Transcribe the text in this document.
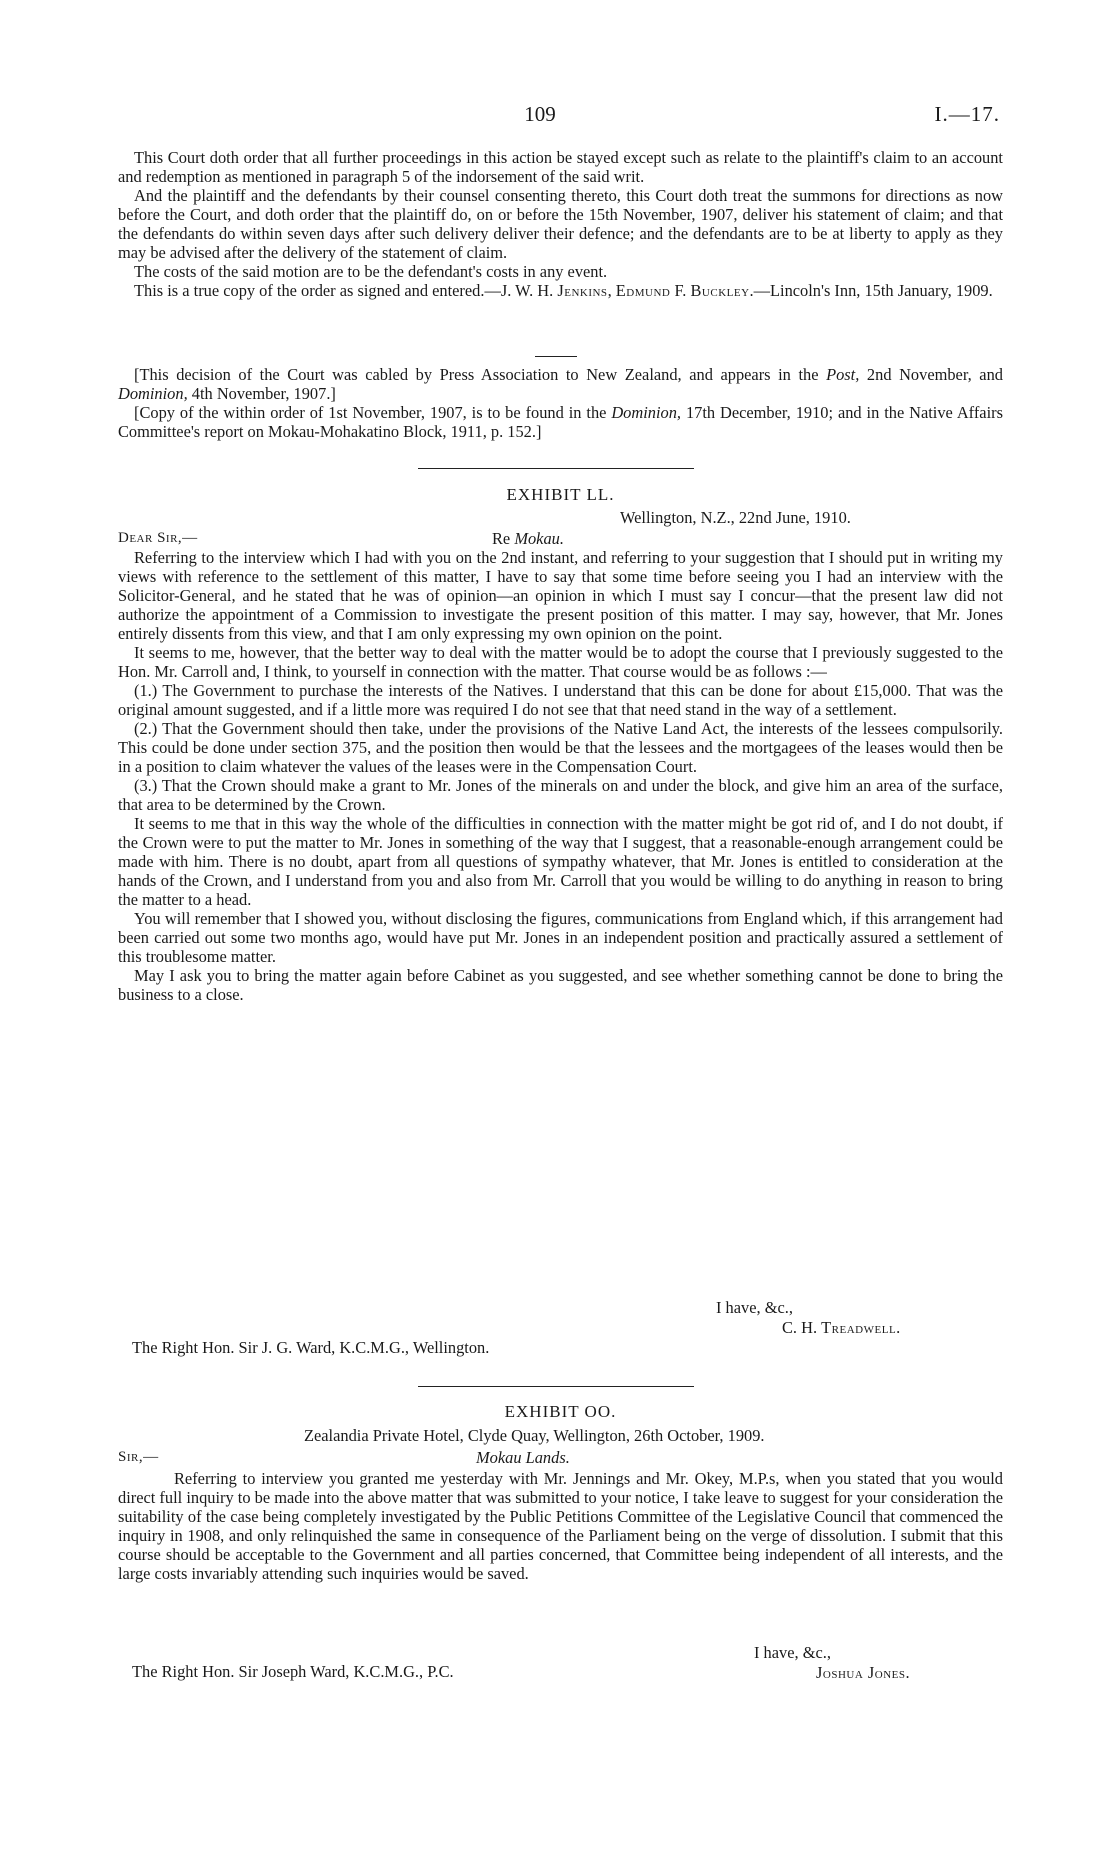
109	I.—17.

This Court doth order that all further proceedings in this action be stayed except such as relate to the plaintiff's claim to an account and redemption as mentioned in paragraph 5 of the indorsement of the said writ.

And the plaintiff and the defendants by their counsel consenting thereto, this Court doth treat the summons for directions as now before the Court, and doth order that the plaintiff do, on or before the 15th November, 1907, deliver his statement of claim; and that the defendants do within seven days after such delivery deliver their defence; and the defendants are to be at liberty to apply as they may be advised after the delivery of the statement of claim.

The costs of the said motion are to be the defendant's costs in any event.

This is a true copy of the order as signed and entered.—J. W. H. Jenkins, Edmund F. Buckley.—Lincoln's Inn, 15th January, 1909.

[This decision of the Court was cabled by Press Association to New Zealand, and appears in the Post, 2nd November, and Dominion, 4th November, 1907.]

[Copy of the within order of 1st November, 1907, is to be found in the Dominion, 17th December, 1910; and in the Native Affairs Committee's report on Mokau-Mohakatino Block, 1911, p. 152.]

EXHIBIT LL.
Wellington, N.Z., 22nd June, 1910.
Dear Sir,—	Re Mokau.

Referring to the interview which I had with you on the 2nd instant, and referring to your suggestion that I should put in writing my views with reference to the settlement of this matter, I have to say that some time before seeing you I had an interview with the Solicitor-General, and he stated that he was of opinion—an opinion in which I must say I concur—that the present law did not authorize the appointment of a Commission to investigate the present position of this matter. I may say, however, that Mr. Jones entirely dissents from this view, and that I am only expressing my own opinion on the point.

It seems to me, however, that the better way to deal with the matter would be to adopt the course that I previously suggested to the Hon. Mr. Carroll and, I think, to yourself in connection with the matter. That course would be as follows :—

(1.) The Government to purchase the interests of the Natives. I understand that this can be done for about £15,000. That was the original amount suggested, and if a little more was required I do not see that that need stand in the way of a settlement.

(2.) That the Government should then take, under the provisions of the Native Land Act, the interests of the lessees compulsorily. This could be done under section 375, and the position then would be that the lessees and the mortgagees of the leases would then be in a position to claim whatever the values of the leases were in the Compensation Court.

(3.) That the Crown should make a grant to Mr. Jones of the minerals on and under the block, and give him an area of the surface, that area to be determined by the Crown.

It seems to me that in this way the whole of the difficulties in connection with the matter might be got rid of, and I do not doubt, if the Crown were to put the matter to Mr. Jones in something of the way that I suggest, that a reasonable-enough arrangement could be made with him. There is no doubt, apart from all questions of sympathy whatever, that Mr. Jones is entitled to consideration at the hands of the Crown, and I understand from you and also from Mr. Carroll that you would be willing to do anything in reason to bring the matter to a head.

You will remember that I showed you, without disclosing the figures, communications from England which, if this arrangement had been carried out some two months ago, would have put Mr. Jones in an independent position and practically assured a settlement of this troublesome matter.

May I ask you to bring the matter again before Cabinet as you suggested, and see whether something cannot be done to bring the business to a close.

I have, &c.,
C. H. Treadwell.
The Right Hon. Sir J. G. Ward, K.C.M.G., Wellington.
EXHIBIT OO.
Zealandia Private Hotel, Clyde Quay, Wellington, 26th October, 1909.
Sir,—	Mokau Lands.

Referring to interview you granted me yesterday with Mr. Jennings and Mr. Okey, M.P.s, when you stated that you would direct full inquiry to be made into the above matter that was submitted to your notice, I take leave to suggest for your consideration the suitability of the case being completely investigated by the Public Petitions Committee of the Legislative Council that commenced the inquiry in 1908, and only relinquished the same in consequence of the Parliament being on the verge of dissolution. I submit that this course should be acceptable to the Government and all parties concerned, that Committee being independent of all interests, and the large costs invariably attending such inquiries would be saved.

I have, &c.,
The Right Hon. Sir Joseph Ward, K.C.M.G., P.C.	Joshua Jones.
